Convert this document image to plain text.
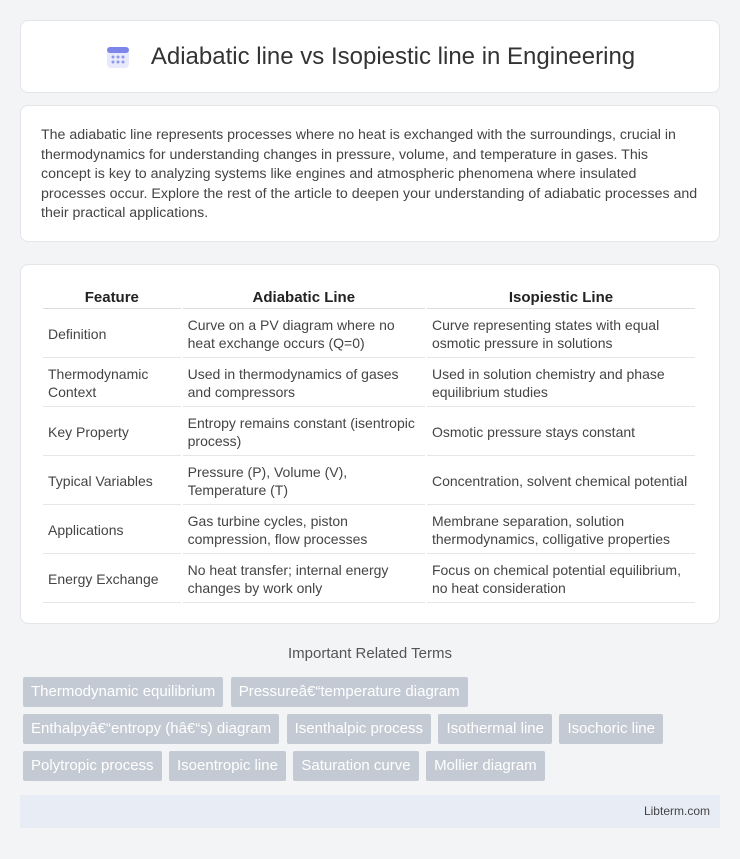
Adiabatic line vs Isopiestic line in Engineering

The adiabatic line represents processes where no heat is exchanged with the surroundings, crucial in thermodynamics for understanding changes in pressure, volume, and temperature in gases. This concept is key to analyzing systems like engines and atmospheric phenomena where insulated processes occur. Explore the rest of the article to deepen your understanding of adiabatic processes and their practical applications.

Feature	Adiabatic Line	Isopiestic Line
Definition	Curve on a PV diagram where no heat exchange occurs (Q=0)	Curve representing states with equal osmotic pressure in solutions
Thermodynamic Context	Used in thermodynamics of gases and compressors	Used in solution chemistry and phase equilibrium studies
Key Property	Entropy remains constant (isentropic process)	Osmotic pressure stays constant
Typical Variables	Pressure (P), Volume (V), Temperature (T)	Concentration, solvent chemical potential
Applications	Gas turbine cycles, piston compression, flow processes	Membrane separation, solution thermodynamics, colligative properties
Energy Exchange	No heat transfer; internal energy changes by work only	Focus on chemical potential equilibrium, no heat consideration
Important Related Terms
Thermodynamic equilibrium Pressureâ€“temperature diagram Enthalpyâ€“entropy (hâ€“s) diagram Isenthalpic process Isothermal line Isochoric line Polytropic process Isoentropic line Saturation curve Mollier diagram
Libterm.com
